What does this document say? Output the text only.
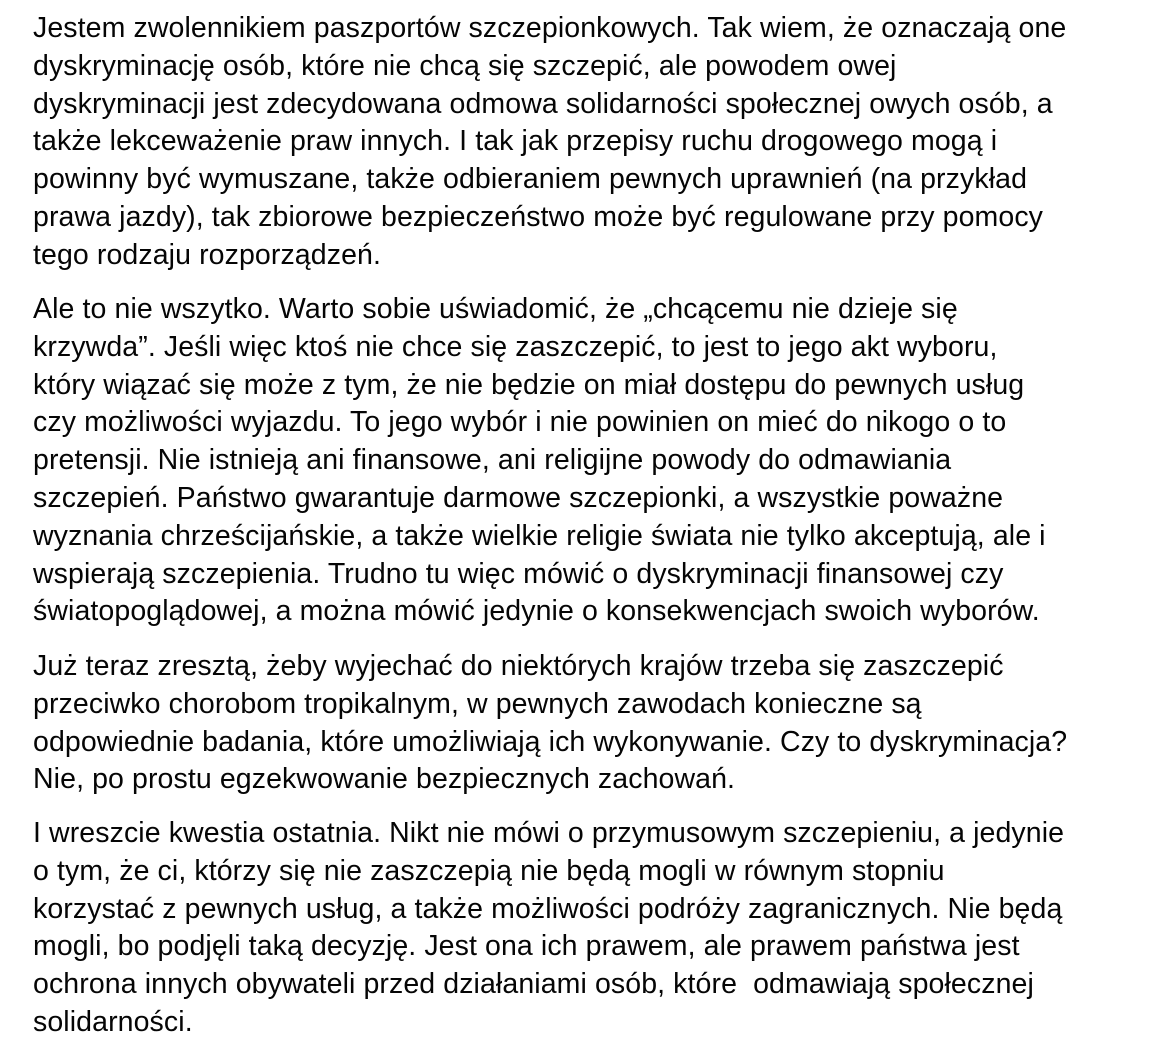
Jestem zwolennikiem paszportów szczepionkowych. Tak wiem, że oznaczają one
dyskryminację osób, które nie chcą się szczepić, ale powodem owej
dyskryminacji jest zdecydowana odmowa solidarności społecznej owych osób, a
także lekceważenie praw innych. I tak jak przepisy ruchu drogowego mogą i
powinny być wymuszane, także odbieraniem pewnych uprawnień (na przykład
prawa jazdy), tak zbiorowe bezpieczeństwo może być regulowane przy pomocy
tego rodzaju rozporządzeń.
Ale to nie wszytko. Warto sobie uświadomić, że „chcącemu nie dzieje się
krzywda”. Jeśli więc ktoś nie chce się zaszczepić, to jest to jego akt wyboru,
który wiązać się może z tym, że nie będzie on miał dostępu do pewnych usług
czy możliwości wyjazdu. To jego wybór i nie powinien on mieć do nikogo o to
pretensji. Nie istnieją ani finansowe, ani religijne powody do odmawiania
szczepień. Państwo gwarantuje darmowe szczepionki, a wszystkie poważne
wyznania chrześcijańskie, a także wielkie religie świata nie tylko akceptują, ale i
wspierają szczepienia. Trudno tu więc mówić o dyskryminacji finansowej czy
światopoglądowej, a można mówić jedynie o konsekwencjach swoich wyborów.
Już teraz zresztą, żeby wyjechać do niektórych krajów trzeba się zaszczepić
przeciwko chorobom tropikalnym, w pewnych zawodach konieczne są
odpowiednie badania, które umożliwiają ich wykonywanie. Czy to dyskryminacja?
Nie, po prostu egzekwowanie bezpiecznych zachowań.
I wreszcie kwestia ostatnia. Nikt nie mówi o przymusowym szczepieniu, a jedynie
o tym, że ci, którzy się nie zaszczepią nie będą mogli w równym stopniu
korzystać z pewnych usług, a także możliwości podróży zagranicznych. Nie będą
mogli, bo podjęli taką decyzję. Jest ona ich prawem, ale prawem państwa jest
ochrona innych obywateli przed działaniami osób, które  odmawiają społecznej
solidarności.
